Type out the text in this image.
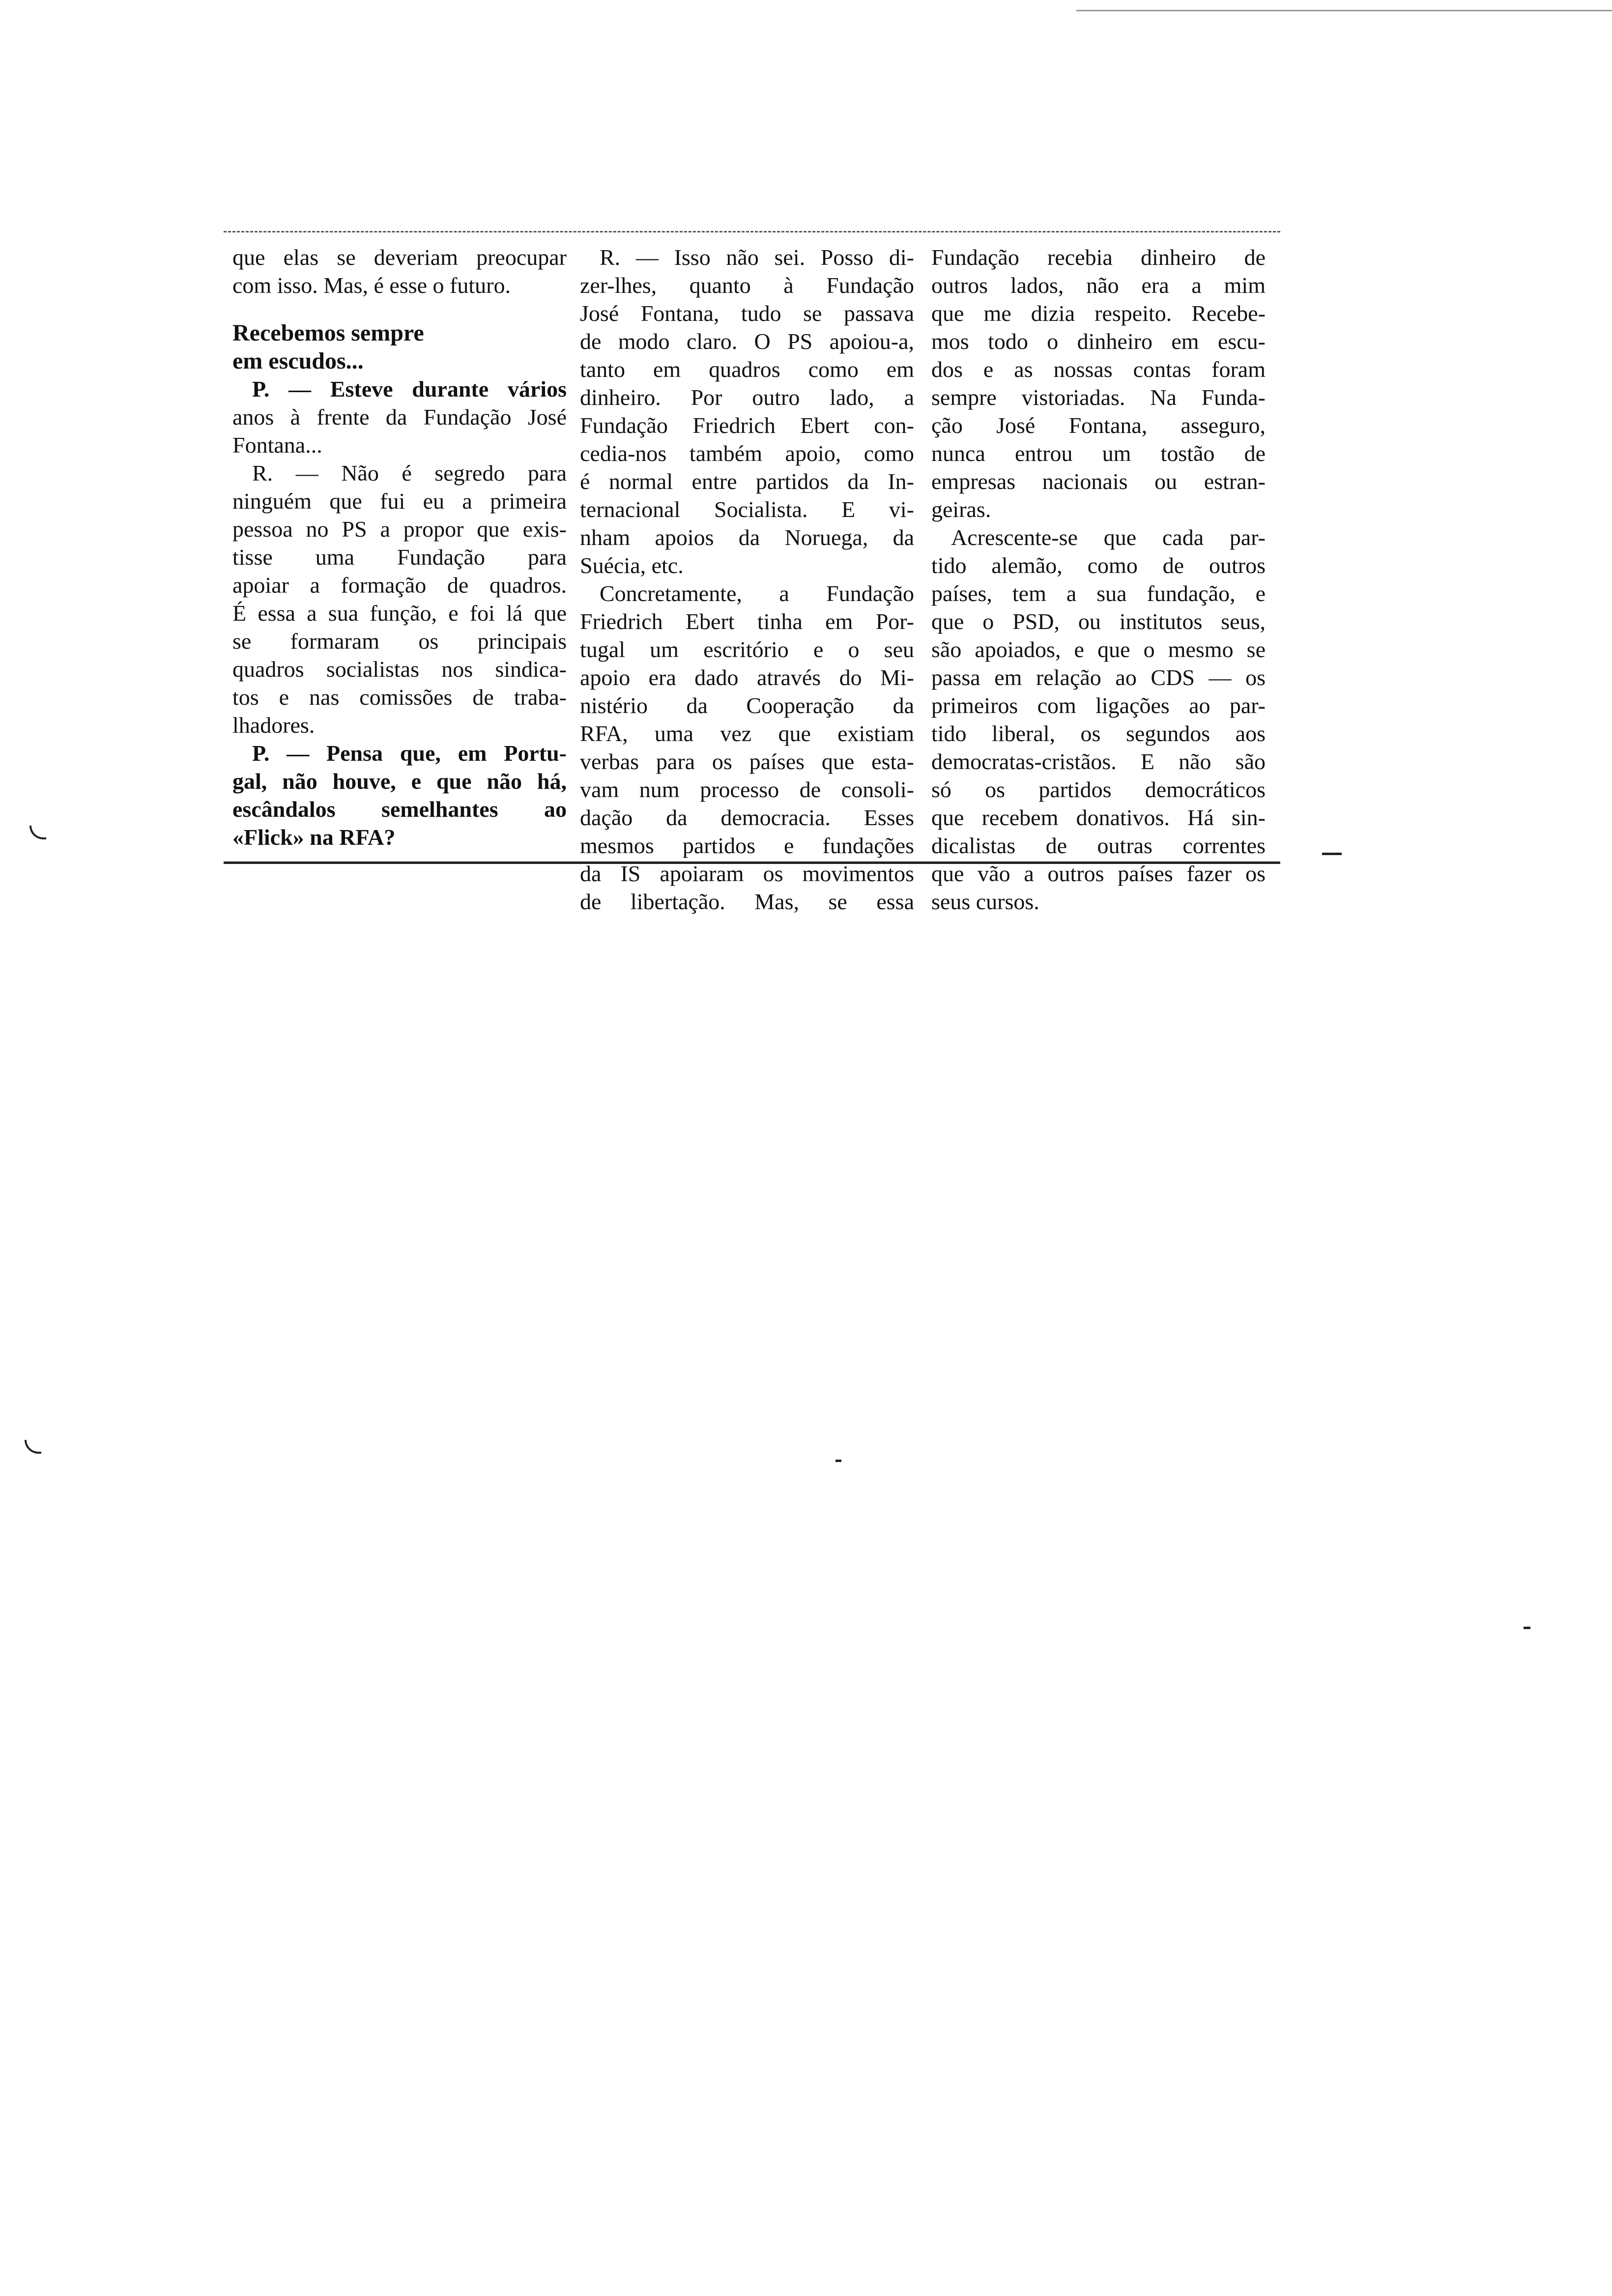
que elas se deveriam preocupar
com isso. Mas, é esse o futuro.
Recebemos sempre
em escudos...
P. — Esteve durante vários
anos à frente da Fundação José
Fontana...
R. — Não é segredo para
ninguém que fui eu a primeira
pessoa no PS a propor que exis-
tisse uma Fundação para
apoiar a formação de quadros.
É essa a sua função, e foi lá que
se formaram os principais
quadros socialistas nos sindica-
tos e nas comissões de traba-
lhadores.
P. — Pensa que, em Portu-
gal, não houve, e que não há,
escândalos semelhantes ao
«Flick» na RFA?
R. — Isso não sei. Posso di-
zer-lhes, quanto à Fundação
José Fontana, tudo se passava
de modo claro. O PS apoiou-a,
tanto em quadros como em
dinheiro. Por outro lado, a
Fundação Friedrich Ebert con-
cedia-nos também apoio, como
é normal entre partidos da In-
ternacional Socialista. E vi-
nham apoios da Noruega, da
Suécia, etc.
Concretamente, a Fundação
Friedrich Ebert tinha em Por-
tugal um escritório e o seu
apoio era dado através do Mi-
nistério da Cooperação da
RFA, uma vez que existiam
verbas para os países que esta-
vam num processo de consoli-
dação da democracia. Esses
mesmos partidos e fundações
da IS apoiaram os movimentos
de libertação. Mas, se essa
Fundação recebia dinheiro de
outros lados, não era a mim
que me dizia respeito. Recebe-
mos todo o dinheiro em escu-
dos e as nossas contas foram
sempre vistoriadas. Na Funda-
ção José Fontana, asseguro,
nunca entrou um tostão de
empresas nacionais ou estran-
geiras.
Acrescente-se que cada par-
tido alemão, como de outros
países, tem a sua fundação, e
que o PSD, ou institutos seus,
são apoiados, e que o mesmo se
passa em relação ao CDS — os
primeiros com ligações ao par-
tido liberal, os segundos aos
democratas-cristãos. E não são
só os partidos democráticos
que recebem donativos. Há sin-
dicalistas de outras correntes
que vão a outros países fazer os
seus cursos.
